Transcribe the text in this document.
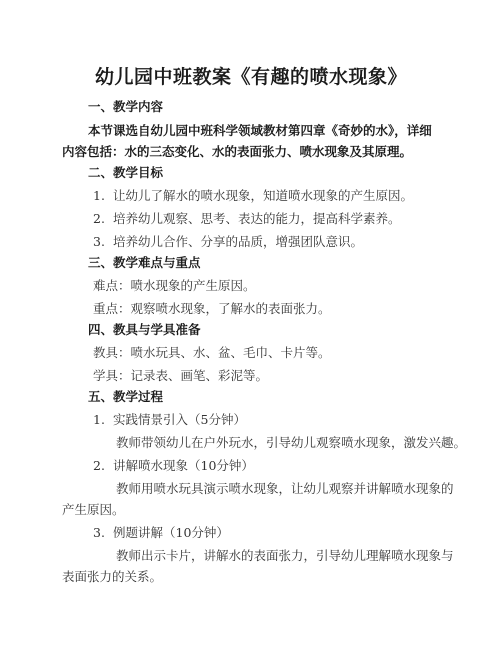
幼儿园中班教案《有趣的喷水现象》
一、教学内容
本节课选自幼儿园中班科学领域教材第四章《奇妙的水》，详细
内容包括：水的三态变化、水的表面张力、喷水现象及其原理。
二、教学目标
1. 让幼儿了解水的喷水现象，知道喷水现象的产生原因。
2. 培养幼儿观察、思考、表达的能力，提高科学素养。
3. 培养幼儿合作、分享的品质，增强团队意识。
三、教学难点与重点
难点：喷水现象的产生原因。
重点：观察喷水现象，了解水的表面张力。
四、教具与学具准备
教具：喷水玩具、水、盆、毛巾、卡片等。
学具：记录表、画笔、彩泥等。
五、教学过程
1. 实践情景引入（5分钟）
教师带领幼儿在户外玩水，引导幼儿观察喷水现象，激发兴趣。
2. 讲解喷水现象（10分钟）
教师用喷水玩具演示喷水现象，让幼儿观察并讲解喷水现象的
产生原因。
3. 例题讲解（10分钟）
教师出示卡片，讲解水的表面张力，引导幼儿理解喷水现象与
表面张力的关系。
